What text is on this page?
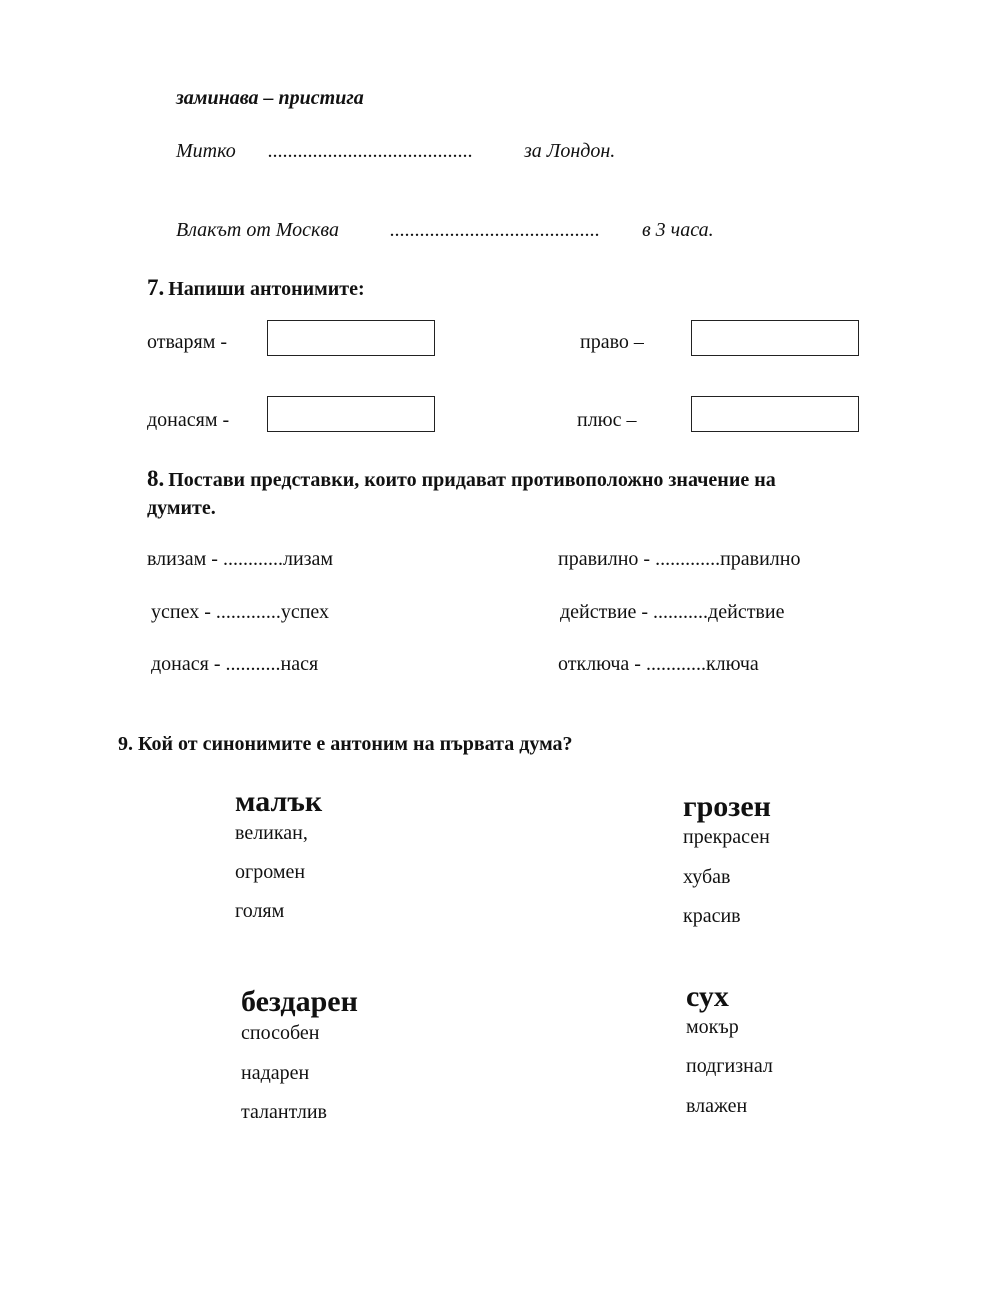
заминава – пристига
Митко .........................................	за Лондон.
Влакът от Москва	.......................................... в 3 часа.
7. Напиши антонимите:
отварям -	право –
донасям -	плюс –
8. Постави представки, които придават противоположно значение на
думите.
влизам - ............лизам	правилно - .............правилно
успех - .............успех	действие - ...........действие
донася - ...........нася	отключа - ............ключа
9. Кой от синонимите е антоним на първата дума?
малък
великан,
огромен
голям
грозен
прекрасен
хубав
красив
бездарен
способен
надарен
талантлив
сух
мокър
подгизнал
влажен
